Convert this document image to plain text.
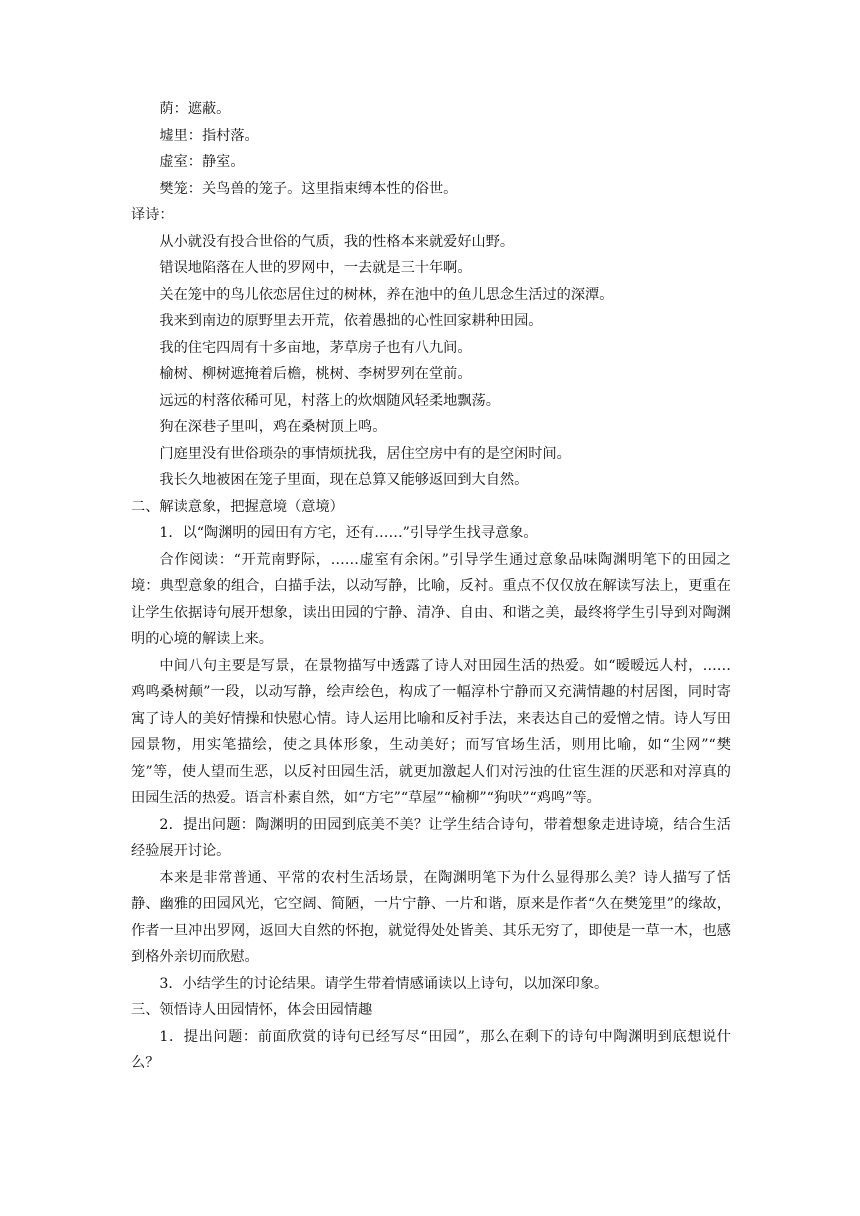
荫：遮蔽。

墟里：指村落。

虚室：静室。

樊笼：关鸟兽的笼子。这里指束缚本性的俗世。

译诗：

从小就没有投合世俗的气质，我的性格本来就爱好山野。

错误地陷落在人世的罗网中，一去就是三十年啊。

关在笼中的鸟儿依恋居住过的树林，养在池中的鱼儿思念生活过的深潭。

我来到南边的原野里去开荒，依着愚拙的心性回家耕种田园。

我的住宅四周有十多亩地，茅草房子也有八九间。

榆树、柳树遮掩着后檐，桃树、李树罗列在堂前。

远远的村落依稀可见，村落上的炊烟随风轻柔地飘荡。

狗在深巷子里叫，鸡在桑树顶上鸣。

门庭里没有世俗琐杂的事情烦扰我，居住空房中有的是空闲时间。

我长久地被困在笼子里面，现在总算又能够返回到大自然。

二、解读意象，把握意境（意境）

1．以“陶渊明的园田有方宅，还有……”引导学生找寻意象。

合作阅读：“开荒南野际，……虚室有余闲。”引导学生通过意象品味陶渊明笔下的田园之境：典型意象的组合，白描手法，以动写静，比喻，反衬。重点不仅仅放在解读写法上，更重在让学生依据诗句展开想象，读出田园的宁静、清净、自由、和谐之美，最终将学生引导到对陶渊明的心境的解读上来。

中间八句主要是写景，在景物描写中透露了诗人对田园生活的热爱。如“暧暧远人村，……鸡鸣桑树颠”一段，以动写静，绘声绘色，构成了一幅淳朴宁静而又充满情趣的村居图，同时寄寓了诗人的美好情操和快慰心情。诗人运用比喻和反衬手法，来表达自己的爱憎之情。诗人写田园景物，用实笔描绘，使之具体形象，生动美好；而写官场生活，则用比喻，如“尘网”“樊笼”等，使人望而生恶，以反衬田园生活，就更加激起人们对污浊的仕宦生涯的厌恶和对淳真的田园生活的热爱。语言朴素自然，如“方宅”“草屋”“榆柳”“狗吠”“鸡鸣”等。

2．提出问题：陶渊明的田园到底美不美？让学生结合诗句，带着想象走进诗境，结合生活经验展开讨论。

本来是非常普通、平常的农村生活场景，在陶渊明笔下为什么显得那么美？诗人描写了恬静、幽雅的田园风光，它空阔、简陋，一片宁静、一片和谐，原来是作者“久在樊笼里”的缘故，作者一旦冲出罗网，返回大自然的怀抱，就觉得处处皆美、其乐无穷了，即使是一草一木，也感到格外亲切而欣慰。

3．小结学生的讨论结果。请学生带着情感诵读以上诗句，以加深印象。

三、领悟诗人田园情怀，体会田园情趣

1．提出问题：前面欣赏的诗句已经写尽“田园”，那么在剩下的诗句中陶渊明到底想说什么？
